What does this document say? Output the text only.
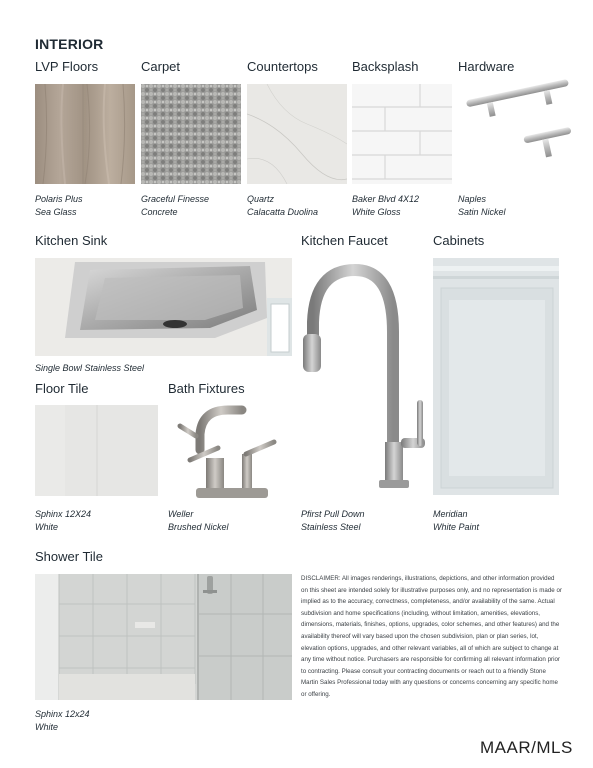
INTERIOR
LVP Floors	Carpet	Countertops	Backsplash	Hardware
Polaris Plus
Sea Glass
Graceful Finesse
Concrete
Quartz
Calacatta Duolina
Baker Blvd 4X12
White Gloss
Naples
Satin Nickel
Kitchen Sink	Kitchen Faucet	Cabinets
Single Bowl Stainless Steel
Floor Tile	Bath Fixtures
Sphinx 12X24
White
Weller
Brushed Nickel
Pfirst Pull Down
Stainless Steel
Meridian
White Paint
Shower Tile
Sphinx 12x24
White
DISCLAIMER: All images renderings, illustrations, depictions, and other information provided on this sheet are intended solely for illustrative purposes only, and no representation is made or implied as to the accuracy, correctness, completeness, and/or availability of the same. Actual subdivision and home specifications (including, without limitation, amenities, elevations, dimensions, materials, finishes, options, upgrades, color schemes, and other features) and the availability thereof will vary based upon the chosen subdivision, plan or plan series, lot, elevation options, upgrades, and other relevant variables, all of which are subject to change at any time without notice. Purchasers are responsible for confirming all relevant information prior to contracting. Please consult your contracting documents or reach out to a friendly Stone Martin Sales Professional today with any questions or concerns concerning any specific home or offering.
MAAR/MLS
